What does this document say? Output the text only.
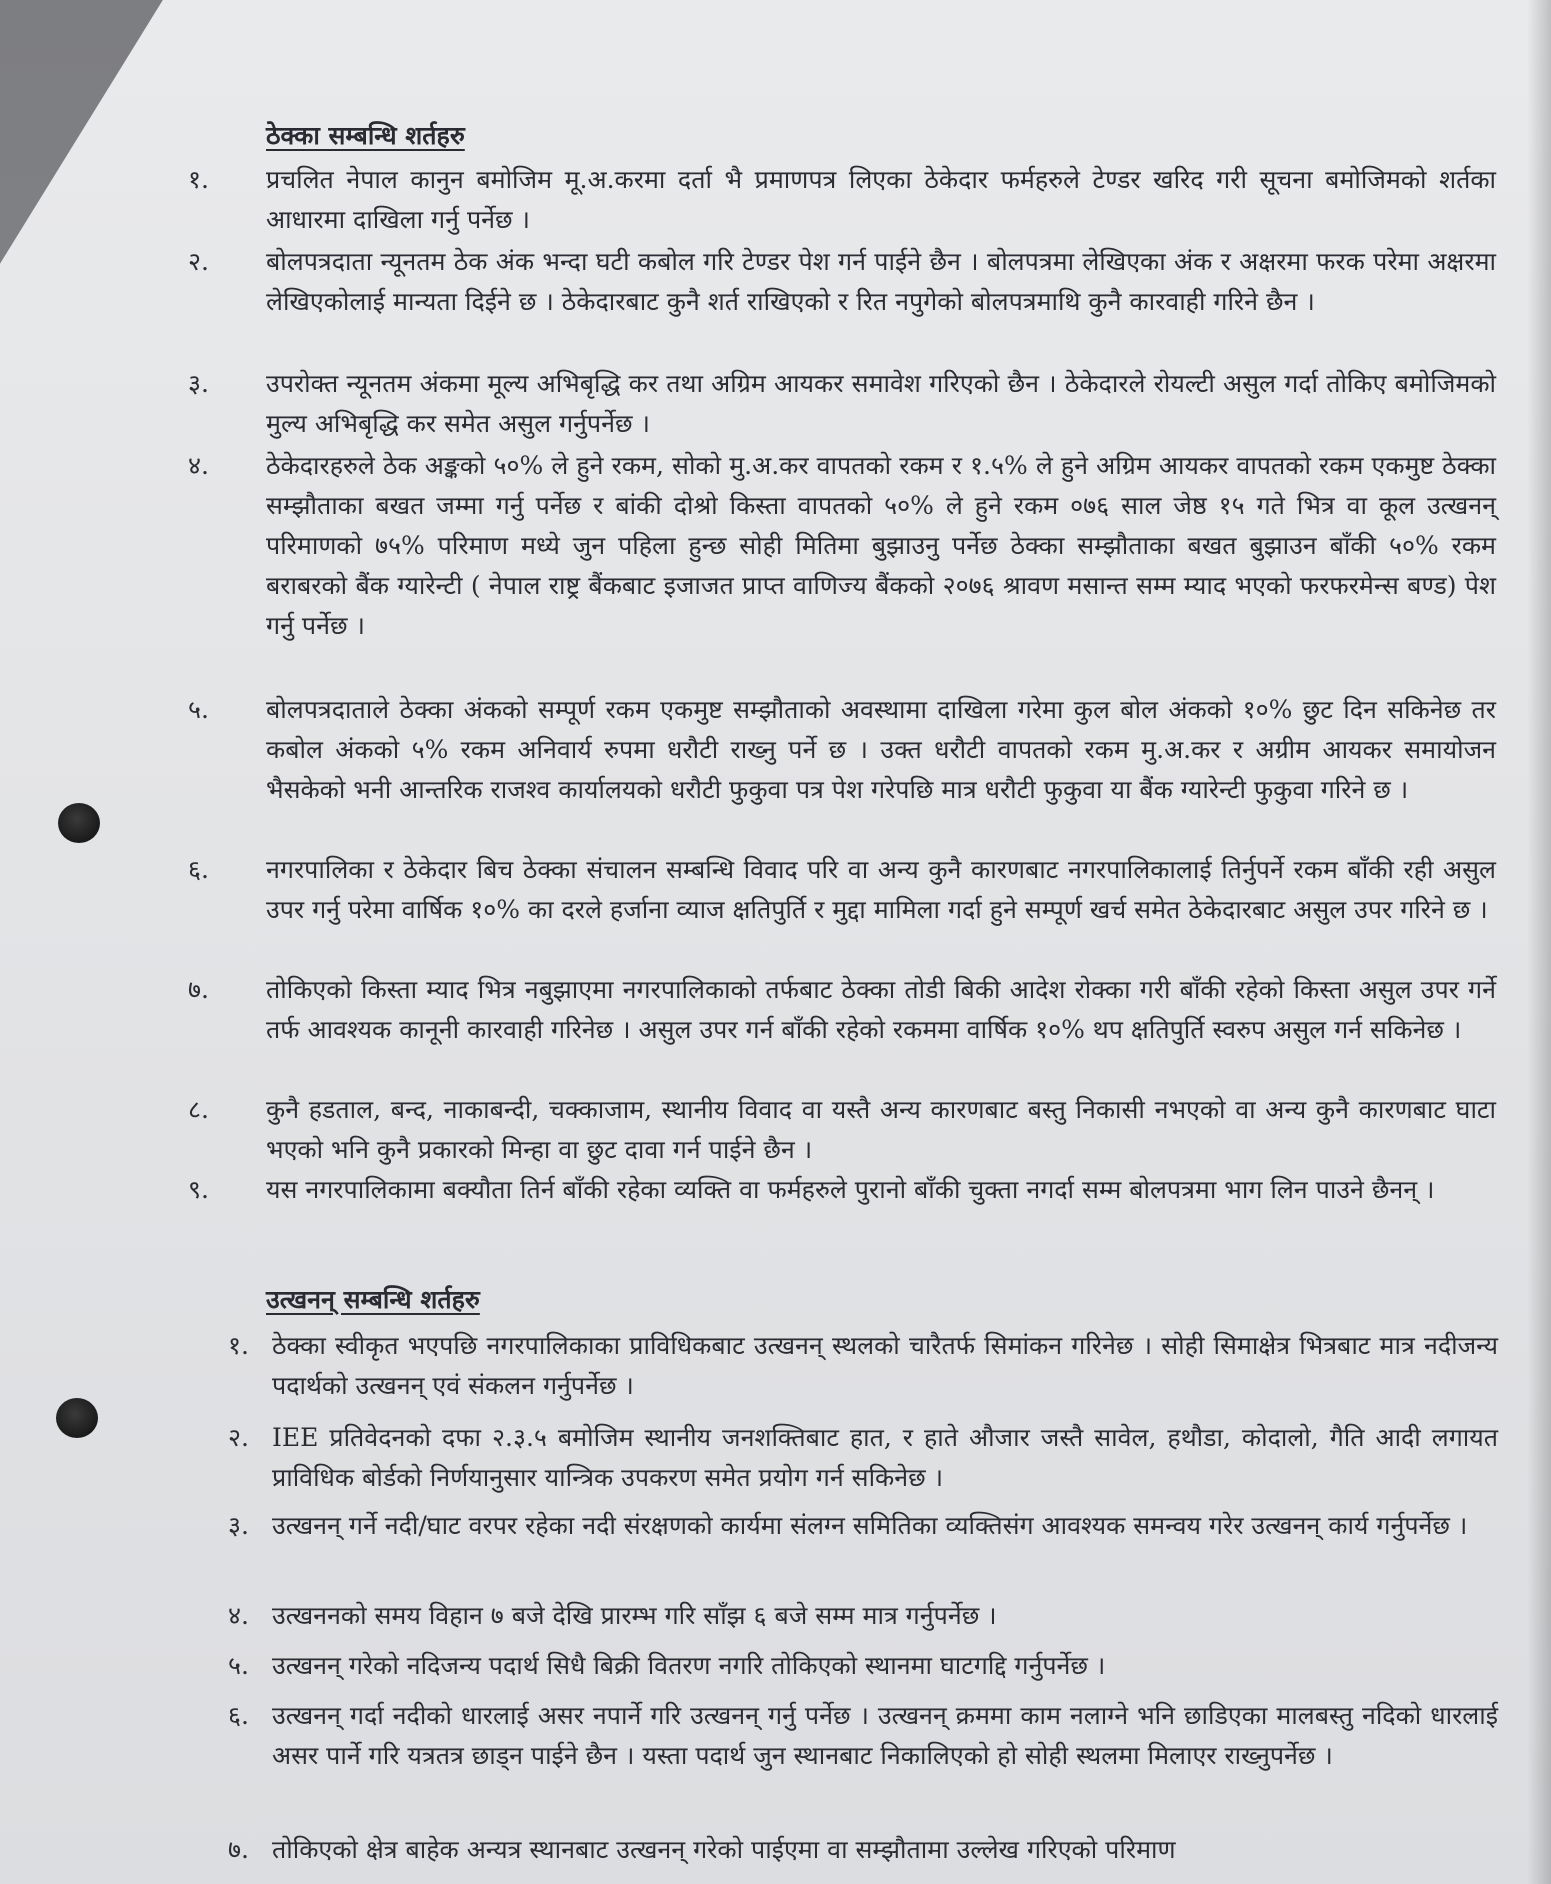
ठेक्का सम्बन्धि शर्तहरु
१.	प्रचलित नेपाल कानुन बमोजिम मू.अ.करमा दर्ता भै प्रमाणपत्र लिएका ठेकेदार फर्महरुले टेण्डर खरिद गरी सूचना बमोजिमको शर्तका आधारमा दाखिला गर्नु पर्नेछ ।
२.	बोलपत्रदाता न्यूनतम ठेक अंक भन्दा घटी कबोल गरि टेण्डर पेश गर्न पाईने छैन । बोलपत्रमा लेखिएका अंक र अक्षरमा फरक परेमा अक्षरमा लेखिएकोलाई मान्यता दिईने छ । ठेकेदारबाट कुनै शर्त राखिएको र रित नपुगेको बोलपत्रमाथि कुनै कारवाही गरिने छैन ।
३.	उपरोक्त न्यूनतम अंकमा मूल्य अभिबृद्धि कर तथा अग्रिम आयकर समावेश गरिएको छैन । ठेकेदारले रोयल्टी असुल गर्दा तोकिए बमोजिमको मुल्य अभिबृद्धि कर समेत असुल गर्नुपर्नेछ ।
४.	ठेकेदारहरुले ठेक अङ्कको ५०% ले हुने रकम, सोको मु.अ.कर वापतको रकम र १.५% ले हुने अग्रिम आयकर वापतको रकम एकमुष्ट ठेक्का सम्झौताका बखत जम्मा गर्नु पर्नेछ र बांकी दोश्रो किस्ता वापतको ५०% ले हुने रकम ०७६ साल जेष्ठ १५ गते भित्र वा कूल उत्खनन् परिमाणको ७५% परिमाण मध्ये जुन पहिला हुन्छ सोही मितिमा बुझाउनु पर्नेछ ठेक्का सम्झौताका बखत बुझाउन बाँकी ५०% रकम बराबरको बैंक ग्यारेन्टी ( नेपाल राष्ट्र बैंकबाट इजाजत प्राप्त वाणिज्य बैंकको २०७६ श्रावण मसान्त सम्म म्याद भएको फरफरमेन्स बण्ड) पेश गर्नु पर्नेछ ।
५.	बोलपत्रदाताले ठेक्का अंकको सम्पूर्ण रकम एकमुष्ट सम्झौताको अवस्थामा दाखिला गरेमा कुल बोल अंकको १०% छुट दिन सकिनेछ तर कबोल अंकको ५% रकम अनिवार्य रुपमा धरौटी राख्नु पर्ने छ । उक्त धरौटी वापतको रकम मु.अ.कर र अग्रीम आयकर समायोजन भैसकेको भनी आन्तरिक राजश्व कार्यालयको धरौटी फुकुवा पत्र पेश गरेपछि मात्र धरौटी फुकुवा या बैंक ग्यारेन्टी फुकुवा गरिने छ ।
६.	नगरपालिका र ठेकेदार बिच ठेक्का संचालन सम्बन्धि विवाद परि वा अन्य कुनै कारणबाट नगरपालिकालाई तिर्नुपर्ने रकम बाँकी रही असुल उपर गर्नु परेमा वार्षिक १०% का दरले हर्जाना व्याज क्षतिपुर्ति र मुद्दा मामिला गर्दा हुने सम्पूर्ण खर्च समेत ठेकेदारबाट असुल उपर गरिने छ ।
७.	तोकिएको किस्ता म्याद भित्र नबुझाएमा नगरपालिकाको तर्फबाट ठेक्का तोडी बिकी आदेश रोक्का गरी बाँकी रहेको किस्ता असुल उपर गर्ने तर्फ आवश्यक कानूनी कारवाही गरिनेछ । असुल उपर गर्न बाँकी रहेको रकममा वार्षिक १०% थप क्षतिपुर्ति स्वरुप असुल गर्न सकिनेछ ।
८.	कुनै हडताल, बन्द, नाकाबन्दी, चक्काजाम, स्थानीय विवाद वा यस्तै अन्य कारणबाट बस्तु निकासी नभएको वा अन्य कुनै कारणबाट घाटा भएको भनि कुनै प्रकारको मिन्हा वा छुट दावा गर्न पाईने छैन ।
९.	यस नगरपालिकामा बक्यौता तिर्न बाँकी रहेका व्यक्ति वा फर्महरुले पुरानो बाँकी चुक्ता नगर्दा सम्म बोलपत्रमा भाग लिन पाउने छैनन् ।
उत्खनन् सम्बन्धि शर्तहरु
१. ठेक्का स्वीकृत भएपछि नगरपालिकाका प्राविधिकबाट उत्खनन् स्थलको चारैतर्फ सिमांकन गरिनेछ । सोही सिमाक्षेत्र भित्रबाट मात्र नदीजन्य पदार्थको उत्खनन् एवं संकलन गर्नुपर्नेछ ।
२. IEE प्रतिवेदनको दफा २.३.५ बमोजिम स्थानीय जनशक्तिबाट हात, र हाते औजार जस्तै सावेल, हथौडा, कोदालो, गैति आदी लगायत प्राविधिक बोर्डको निर्णयानुसार यान्त्रिक उपकरण समेत प्रयोग गर्न सकिनेछ ।
३. उत्खनन् गर्ने नदी/घाट वरपर रहेका नदी संरक्षणको कार्यमा संलग्न समितिका व्यक्तिसंग आवश्यक समन्वय गरेर उत्खनन् कार्य गर्नुपर्नेछ ।
४. उत्खननको समय विहान ७ बजे देखि प्रारम्भ गरि साँझ ६ बजे सम्म मात्र गर्नुपर्नेछ ।
५. उत्खनन् गरेको नदिजन्य पदार्थ सिधै बिक्री वितरण नगरि तोकिएको स्थानमा घाटगद्दि गर्नुपर्नेछ ।
६. उत्खनन् गर्दा नदीको धारलाई असर नपार्ने गरि उत्खनन् गर्नु पर्नेछ । उत्खनन् क्रममा काम नलाग्ने भनि छाडिएका मालबस्तु नदिको धारलाई असर पार्ने गरि यत्रतत्र छाड्न पाईने छैन । यस्ता पदार्थ जुन स्थानबाट निकालिएको हो सोही स्थलमा मिलाएर राख्नुपर्नेछ ।
७. तोकिएको क्षेत्र बाहेक अन्यत्र स्थानबाट उत्खनन् गरेको पाईएमा वा सम्झौतामा उल्लेख गरिएको परिमाण
